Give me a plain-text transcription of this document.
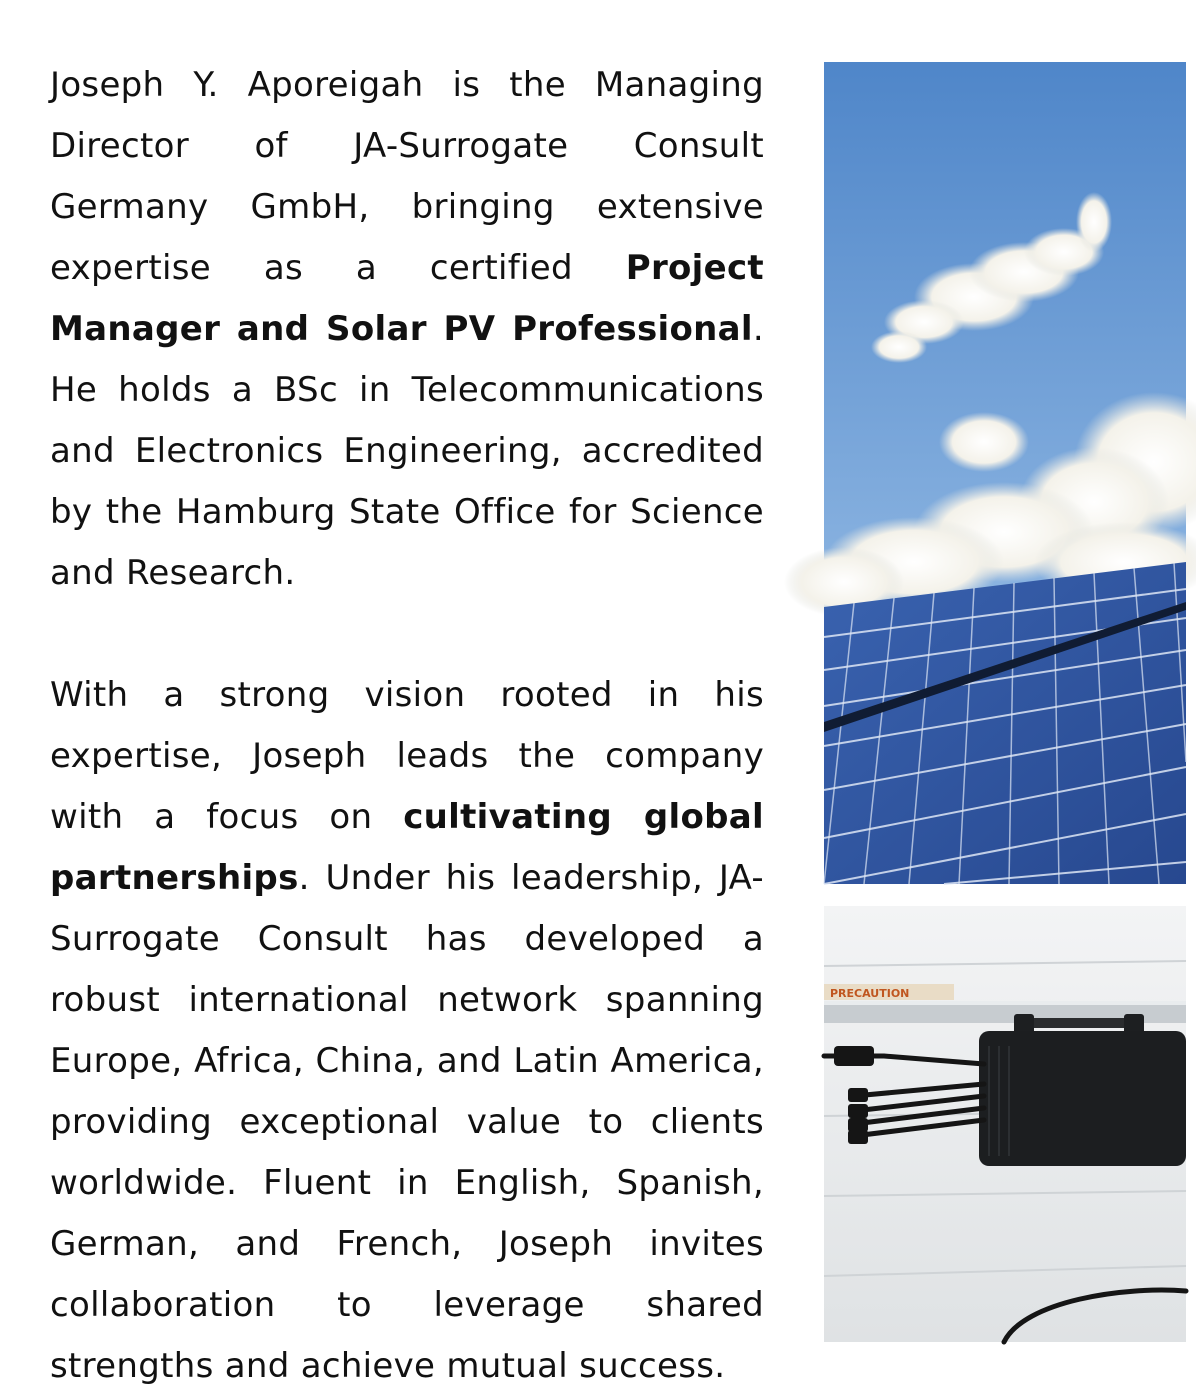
Joseph Y. Aporeigah is the Managing Director of JA-Surrogate Consult Germany GmbH, bringing extensive expertise as a certified Project Manager and Solar PV Professional. He holds a BSc in Telecommunications and Electronics Engineering, accredited by the Hamburg State Office for Science and Research.

With a strong vision rooted in his expertise, Joseph leads the company with a focus on cultivating global partnerships. Under his leadership, JA-Surrogate Consult has developed a robust international network spanning Europe, Africa, China, and Latin America, providing exceptional value to clients worldwide. Fluent in English, Spanish, German, and French, Joseph invites collaboration to leverage shared strengths and achieve mutual success.

PRECAUTION
